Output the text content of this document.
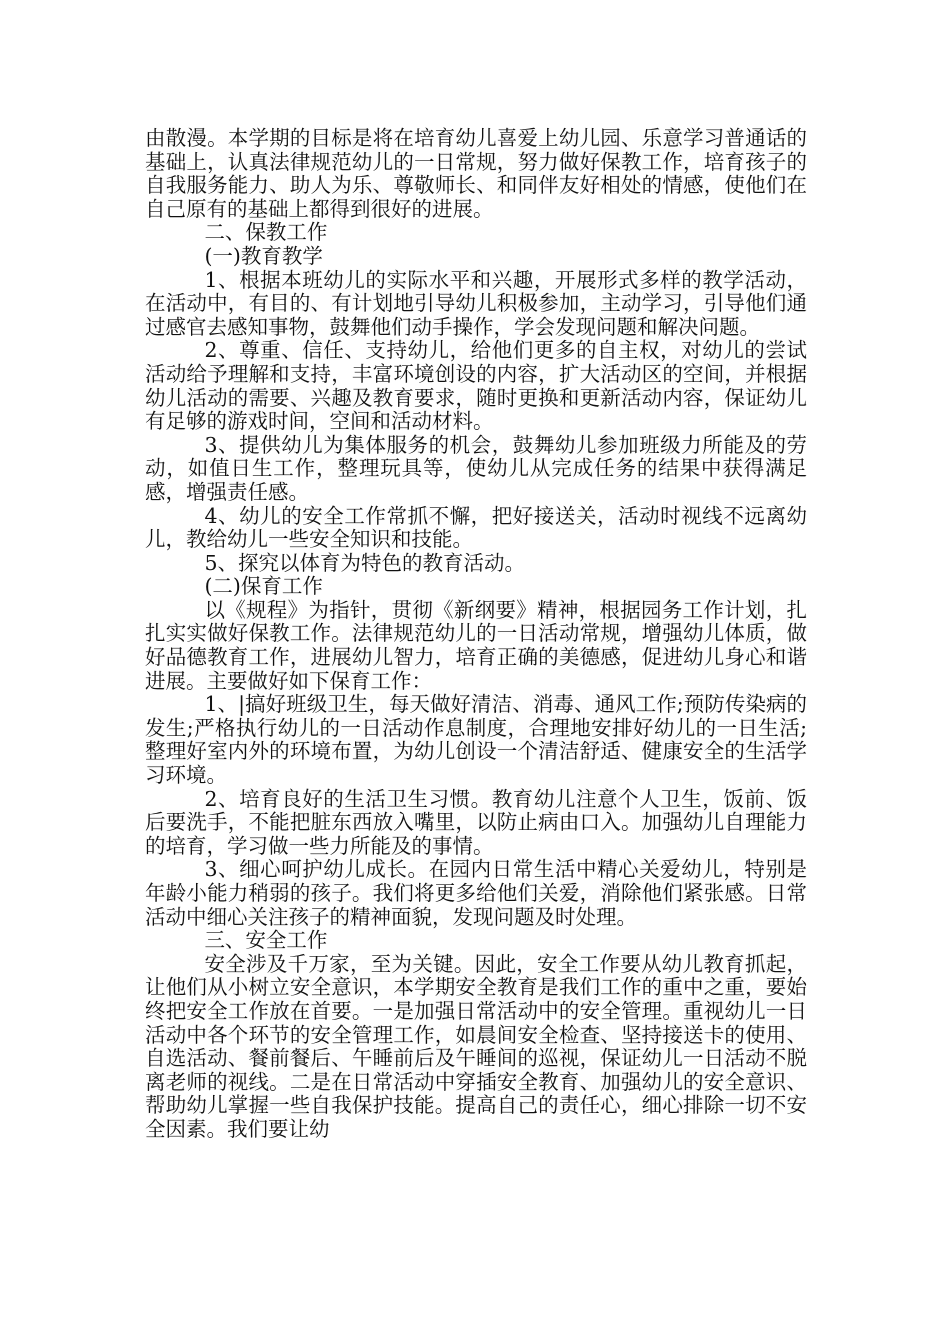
由散漫。本学期的目标是将在培育幼儿喜爱上幼儿园、乐意学习普通话的基础上，认真法律规范幼儿的一日常规，努力做好保教工作，培育孩子的自我服务能力、助人为乐、尊敬师长、和同伴友好相处的情感，使他们在自己原有的基础上都得到很好的进展。

二、保教工作

(一)教育教学

1、根据本班幼儿的实际水平和兴趣，开展形式多样的教学活动，在活动中，有目的、有计划地引导幼儿积极参加，主动学习，引导他们通过感官去感知事物，鼓舞他们动手操作，学会发现问题和解决问题。

2、尊重、信任、支持幼儿，给他们更多的自主权，对幼儿的尝试活动给予理解和支持，丰富环境创设的内容，扩大活动区的空间，并根据幼儿活动的需要、兴趣及教育要求，随时更换和更新活动内容，保证幼儿有足够的游戏时间，空间和活动材料。

3、提供幼儿为集体服务的机会，鼓舞幼儿参加班级力所能及的劳动，如值日生工作，整理玩具等，使幼儿从完成任务的结果中获得满足感，增强责任感。

4、幼儿的安全工作常抓不懈，把好接送关，活动时视线不远离幼儿，教给幼儿一些安全知识和技能。

5、探究以体育为特色的教育活动。

(二)保育工作

以《规程》为指针，贯彻《新纲要》精神，根据园务工作计划，扎扎实实做好保教工作。法律规范幼儿的一日活动常规，增强幼儿体质，做好品德教育工作，进展幼儿智力，培育正确的美德感，促进幼儿身心和谐进展。主要做好如下保育工作：

1、|搞好班级卫生，每天做好清洁、消毒、通风工作;预防传染病的发生;严格执行幼儿的一日活动作息制度，合理地安排好幼儿的一日生活;整理好室内外的环境布置，为幼儿创设一个清洁舒适、健康安全的生活学习环境。

2、培育良好的生活卫生习惯。教育幼儿注意个人卫生，饭前、饭后要洗手，不能把脏东西放入嘴里，以防止病由口入。加强幼儿自理能力的培育，学习做一些力所能及的事情。

3、细心呵护幼儿成长。在园内日常生活中精心关爱幼儿，特别是年龄小能力稍弱的孩子。我们将更多给他们关爱，消除他们紧张感。日常活动中细心关注孩子的精神面貌，发现问题及时处理。

三、安全工作

安全涉及千万家，至为关键。因此，安全工作要从幼儿教育抓起，让他们从小树立安全意识，本学期安全教育是我们工作的重中之重，要始终把安全工作放在首要。一是加强日常活动中的安全管理。重视幼儿一日活动中各个环节的安全管理工作，如晨间安全检查、坚持接送卡的使用、自选活动、餐前餐后、午睡前后及午睡间的巡视，保证幼儿一日活动不脱离老师的视线。二是在日常活动中穿插安全教育、加强幼儿的安全意识、帮助幼儿掌握一些自我保护技能。提高自己的责任心，细心排除一切不安全因素。我们要让幼
